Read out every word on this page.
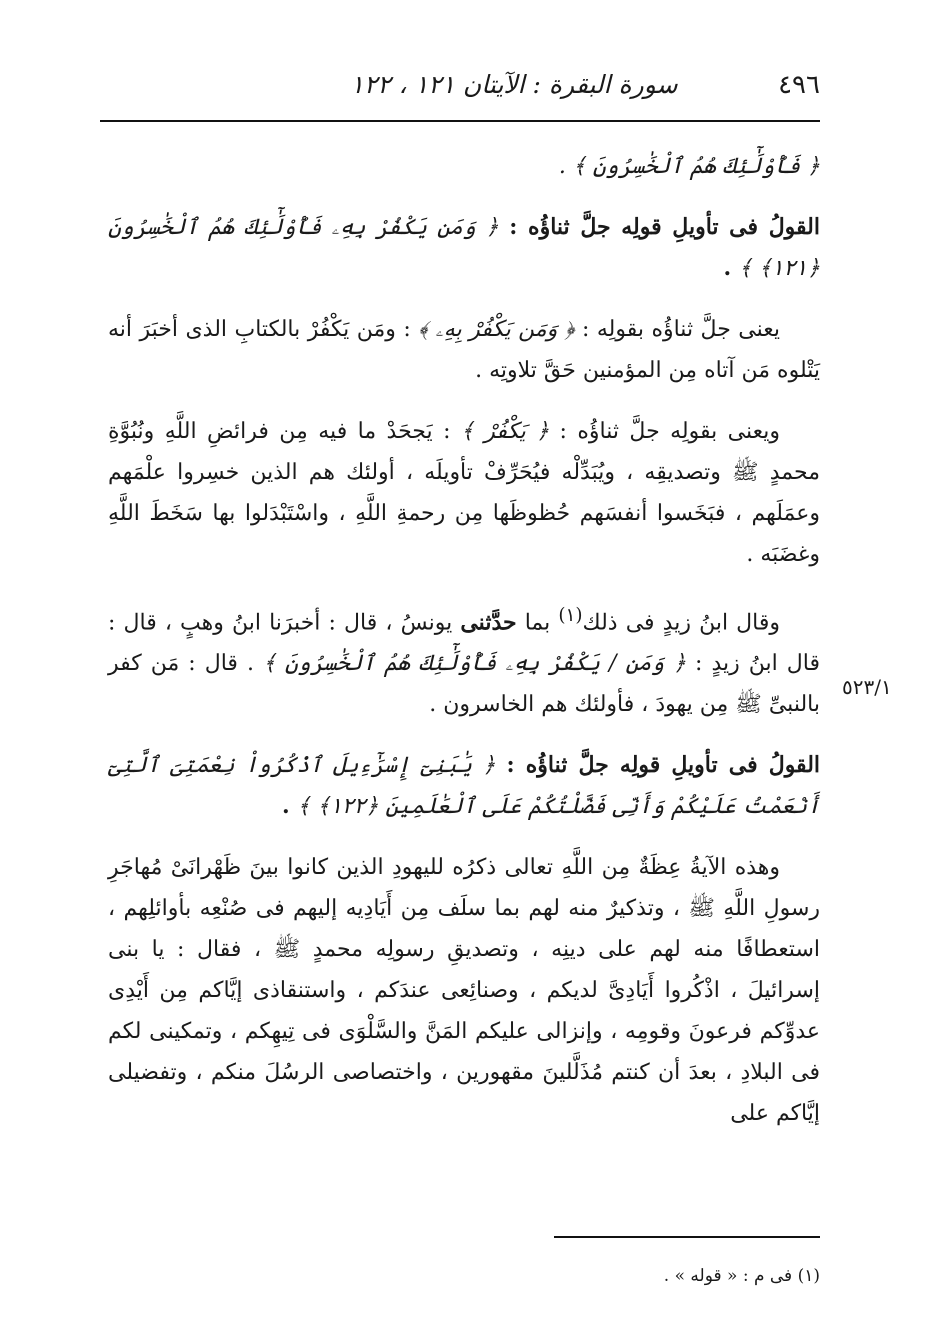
٤٩٦
سورة البقرة : الآيتان ١٢١ ، ١٢٢

﴿ فَأُوْلَٰٓئِكَ هُمُ ٱلْخَٰسِرُونَ ﴾ .

القولُ فى تأويلِ قولِه جلَّ ثناؤُه : ﴿ وَمَن يَكْفُرْ بِهِۦ فَأُوْلَٰٓئِكَ هُمُ ٱلْخَٰسِرُونَ ﴿١٢١﴾ ﴾ .

يعنى جلَّ ثناؤُه بقولِه : ﴿ وَمَن يَكْفُرْ بِهِۦ ﴾ : ومَن يَكْفُرْ بالكتابِ الذى أخبَرَ أنه يَتْلوه مَن آتاه مِن المؤمنين حَقَّ تلاوتِه .

ويعنى بقولِه جلَّ ثناؤُه : ﴿ يَكْفُرْ ﴾ : يَجحَدْ ما فيه مِن فرائضِ اللَّهِ ونُبُوَّةِ محمدٍ ﷺ وتصديقِه ، ويُبَدِّلْه فيُحَرِّفْ تأويلَه ، أولئك هم الذين خسِروا علْمَهم وعمَلَهم ، فبَخَسوا أنفسَهم حُظوظَها مِن رحمةِ اللَّهِ ، واسْتَبْدَلوا بها سَخَطَ اللَّهِ وغضَبَه .

وقال ابنُ زيدٍ فى ذلك$^{(١)}$ بما حدَّثنى يونسُ ، قال : أخبرَنا ابنُ وهبٍ ، قال : قال ابنُ زيدٍ : ﴿ وَمَن / يَكْفُرْ بِهِۦ فَأُوْلَٰٓئِكَ هُمُ ٱلْخَٰسِرُونَ ﴾ . قال : مَن كفر بالنبىِّ ﷺ مِن يهودَ ، فأولئك هم الخاسرون .

القولُ فى تأويلِ قولِه جلَّ ثناؤُه : ﴿ يَٰبَنِىٓ إِسْرَٰٓءِيلَ ٱذْكُرُواْ نِعْمَتِىَ ٱلَّتِىٓ أَنْعَمْتُ عَلَيْكُمْ وَأَنِّى فَضَّلْتُكُمْ عَلَى ٱلْعَٰلَمِينَ ﴿١٢٢﴾ ﴾ .

وهذه الآيةُ عِظَةٌ مِن اللَّهِ تعالى ذكرُه لليهودِ الذين كانوا بينَ ظَهْرانَىْ مُهاجَرِ رسولِ اللَّهِ ﷺ ، وتذكيرٌ منه لهم بما سلَف مِن أَيَادِيه إليهم فى صُنْعِه بأوائلِهم ، استعطافًا منه لهم على دينِه ، وتصديقِ رسولِه محمدٍ ﷺ ، فقال : يا بنى إسرائيلَ ، اذْكُروا أَيَادِىَّ لديكم ، وصنائِعى عندَكم ، واستنقاذى إيَّاكم مِن أَيْدِى عدوِّكم فرعونَ وقومِه ، وإنزالى عليكم المَنَّ والسَّلْوَى فى تِيهِكم ، وتمكينى لكم فى البلادِ ، بعدَ أن كنتم مُذَلَّلينَ مقهورين ، واختصاصى الرسُلَ منكم ، وتفضيلى إيَّاكم على

٥٢٣/١
(١) فى م : « قوله » .
